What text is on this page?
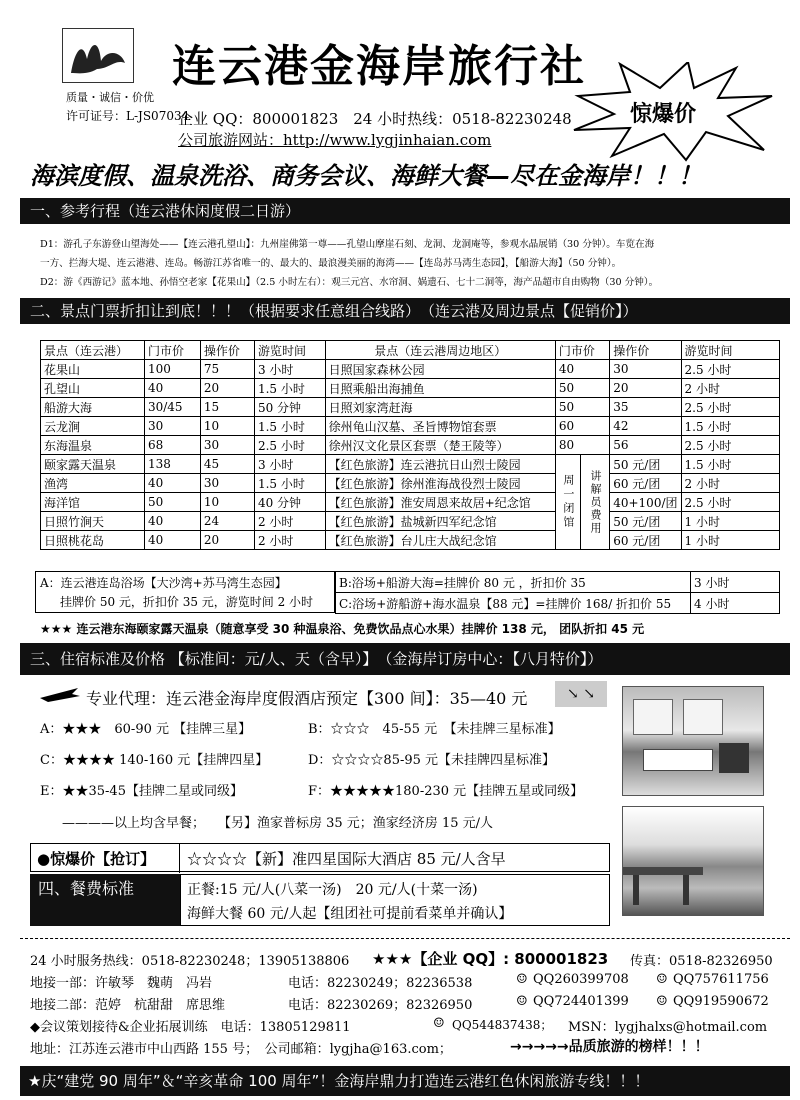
质量・诚信・价优
许可证号：L-JS07034
连云港金海岸旅行社
企业 QQ：800001823　24 小时热线：0518-82230248
公司旅游网站：http://www.lygjinhaian.com
惊爆价
海滨度假、温泉洗浴、商务会议、海鲜大餐—尽在金海岸！！！
一、参考行程（连云港休闲度假二日游）
D1：游孔子东游登山望海处——【连云港孔望山】：九州崖佛第一尊——孔望山摩崖石刻、龙洞、龙洞庵等，参观水晶展销（30 分钟）。车览在海
一方、拦海大堤、连云港港、连岛。畅游江苏省唯一的、最大的、最浪漫美丽的海湾——【连岛苏马湾生态园】，【船游大海】（50 分钟）。
D2：游《西游记》蓝本地、孙悟空老家【花果山】（2.5 小时左右）：观三元宫、水帘洞、娲遗石、七十二洞等，海产品超市自由购物（30 分钟）。
二、景点门票折扣让到底！！！（根据要求任意组合线路）　（连云港及周边景点【促销价】）
景点（连云港）	门市价	操作价	游览时间	景点（连云港周边地区）	门市价		操作价	游览时间
花果山	100	75	3 小时	日照国家森林公园	40		30	2.5 小时
孔望山	40	20	1.5 小时	日照乘船出海捕鱼	50		20	2 小时
船游大海	30/45	15	50 分钟	日照刘家湾赶海	50		35	2.5 小时
云龙涧	30	10	1.5 小时	徐州龟山汉墓、圣旨博物馆套票	60		42	1.5 小时
东海温泉	68	30	2.5 小时	徐州汉文化景区套票（楚王陵等）	80		56	2.5 小时
颐家露天温泉	138	45	3 小时	【红色旅游】连云港抗日山烈士陵园	周一闭馆	讲解员费用	50 元/团	1.5 小时
渔湾	40	30	1.5 小时	【红色旅游】徐州淮海战役烈士陵园			60 元/团	2 小时
海洋馆	50	10	40 分钟	【红色旅游】淮安周恩来故居+纪念馆			40+100/团	2.5 小时
日照竹涧天	40	24	2 小时	【红色旅游】盐城新四军纪念馆			50 元/团	1 小时
日照桃花岛	40	20	2 小时	【红色旅游】台儿庄大战纪念馆			60 元/团	1 小时
A：连云港连岛浴场【大沙湾+苏马湾生态园】
挂牌价 50 元，折扣价 35 元，游览时间 2 小时
B:浴场+船游大海=挂牌价 80 元 ，折扣价 35	3 小时
C:浴场+游船游+海水温泉【88 元】=挂牌价 168/ 折扣价 55	4 小时
★★★ 连云港东海颐家露天温泉（随意享受 30 种温泉浴、免费饮品点心水果）挂牌价 138 元， 团队折扣 45 元
三、住宿标准及价格 【标准间：元/人、天（含早）】　（金海岸订房中心：【八月特价】）
专业代理：连云港金海岸度假酒店预定【300 间】：35—40 元	↘ ↘
A：★★★　60-90 元 【挂牌三星】	B：☆☆☆　45-55 元　【未挂牌三星标准】
C：★★★★ 140-160 元【挂牌四星】	D：☆☆☆☆85-95 元【未挂牌四星标准】
E：★★35-45【挂牌二星或同级】	F：★★★★★180-230 元【挂牌五星或同级】
————以上均含早餐；　　【另】渔家普标房 35 元；渔家经济房 15 元/人
●惊爆价【抢订】 ☆☆☆☆【新】准四星国际大酒店 85 元/人含早
四、餐费标准	正餐:15 元/人(八菜一汤)　20 元/人(十菜一汤)
海鲜大餐 60 元/人起【组团社可提前看菜单并确认】
24 小时服务热线：0518-82230248；13905138806 ★★★【企业 QQ】: 800001823 传真：0518-82326950
地接一部：许敏琴　魏萌　冯岩	电话：82230249；82236538	☺ QQ260399708 ☺ QQ757611756
地接二部：范婷　杭甜甜　席思维	电话：82230269；82326950	☺ QQ724401399 ☺ QQ919590672
◆会议策划接待&企业拓展训练　电话：13805129811	☺ QQ544837438； MSN：lygjhalxs@hotmail.com
地址：江苏连云港市中山西路 155 号；　公司邮箱：lygjha@163.com；	→→→→→品质旅游的榜样！！！
★庆“建党 90 周年”＆“辛亥革命 100 周年”！金海岸鼎力打造连云港红色休闲旅游专线！！！
